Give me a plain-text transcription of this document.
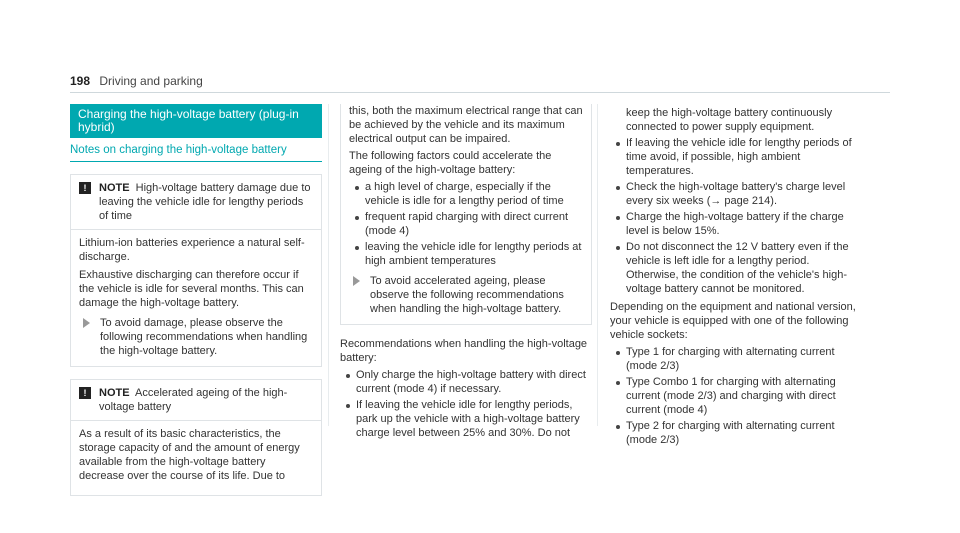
198 Driving and parking
Charging the high-voltage battery (plug-in hybrid)
Notes on charging the high-voltage battery
!	NOTE High-voltage battery damage due to leaving the vehicle idle for lengthy periods of time

Lithium-ion batteries experience a natural self-discharge.

Exhaustive discharging can therefore occur if the vehicle is idle for several months. This can damage the high-voltage battery.

To avoid damage, please observe the following recommendations when handling the high-voltage battery.
!	NOTE Accelerated ageing of the high-voltage battery

As a result of its basic characteristics, the storage capacity of and the amount of energy available from the high-voltage battery decrease over the course of its life. Due to

this, both the maximum electrical range that can be achieved by the vehicle and its maximum electrical output can be impaired.

The following factors could accelerate the ageing of the high-voltage battery:

a high level of charge, especially if the vehicle is idle for a lengthy period of time
frequent rapid charging with direct current (mode 4)
leaving the vehicle idle for lengthy periods at high ambient temperatures
To avoid accelerated ageing, please observe the following recommendations when handling the high-voltage battery.

Recommendations when handling the high-voltage battery:

Only charge the high-voltage battery with direct current (mode 4) if necessary.
If leaving the vehicle idle for lengthy periods, park up the vehicle with a high-voltage battery charge level between 25% and 30%. Do not
keep the high-voltage battery continuously connected to power supply equipment.
If leaving the vehicle idle for lengthy periods of time avoid, if possible, high ambient temperatures.
Check the high-voltage battery's charge level every six weeks (→ page 214).
Charge the high-voltage battery if the charge level is below 15%.
Do not disconnect the 12 V battery even if the vehicle is left idle for a lengthy period. Otherwise, the condition of the vehicle's high-voltage battery cannot be monitored.

Depending on the equipment and national version, your vehicle is equipped with one of the following vehicle sockets:

Type 1 for charging with alternating current (mode 2/3)
Type Combo 1 for charging with alternating current (mode 2/3) and charging with direct current (mode 4)
Type 2 for charging with alternating current (mode 2/3)
